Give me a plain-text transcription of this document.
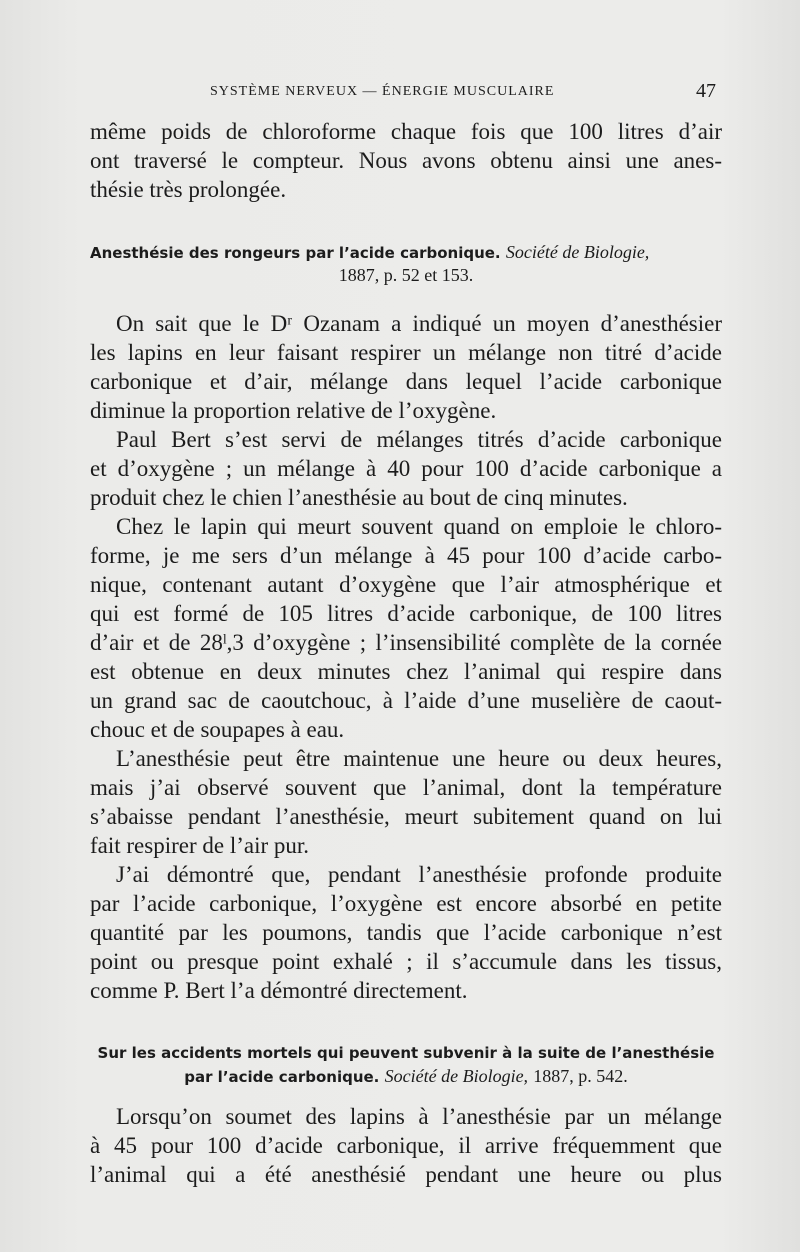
SYSTÈME NERVEUX — ÉNERGIE MUSCULAIRE	47
même poids de chloroforme chaque fois que 100 litres d’air
ont traversé le compteur. Nous avons obtenu ainsi une anes-
thésie très prolongée.
Anesthésie des rongeurs par l’acide carbonique. Société de Biologie,
1887, p. 52 et 153.
On sait que le Dʳ Ozanam a indiqué un moyen d’anesthésier
les lapins en leur faisant respirer un mélange non titré d’acide
carbonique et d’air, mélange dans lequel l’acide carbonique
diminue la proportion relative de l’oxygène.
Paul Bert s’est servi de mélanges titrés d’acide carbonique
et d’oxygène ; un mélange à 40 pour 100 d’acide carbonique a
produit chez le chien l’anesthésie au bout de cinq minutes.
Chez le lapin qui meurt souvent quand on emploie le chloro-
forme, je me sers d’un mélange à 45 pour 100 d’acide carbo-
nique, contenant autant d’oxygène que l’air atmosphérique et
qui est formé de 105 litres d’acide carbonique, de 100 litres
d’air et de 28ˡ,3 d’oxygène ; l’insensibilité complète de la cornée
est obtenue en deux minutes chez l’animal qui respire dans
un grand sac de caoutchouc, à l’aide d’une muselière de caout-
chouc et de soupapes à eau.
L’anesthésie peut être maintenue une heure ou deux heures,
mais j’ai observé souvent que l’animal, dont la température
s’abaisse pendant l’anesthésie, meurt subitement quand on lui
fait respirer de l’air pur.
J’ai démontré que, pendant l’anesthésie profonde produite
par l’acide carbonique, l’oxygène est encore absorbé en petite
quantité par les poumons, tandis que l’acide carbonique n’est
point ou presque point exhalé ; il s’accumule dans les tissus,
comme P. Bert l’a démontré directement.
Sur les accidents mortels qui peuvent subvenir à la suite de l’anesthésie
par l’acide carbonique. Société de Biologie, 1887, p. 542.
Lorsqu’on soumet des lapins à l’anesthésie par un mélange
à 45 pour 100 d’acide carbonique, il arrive fréquemment que
l’animal qui a été anesthésié pendant une heure ou plus
